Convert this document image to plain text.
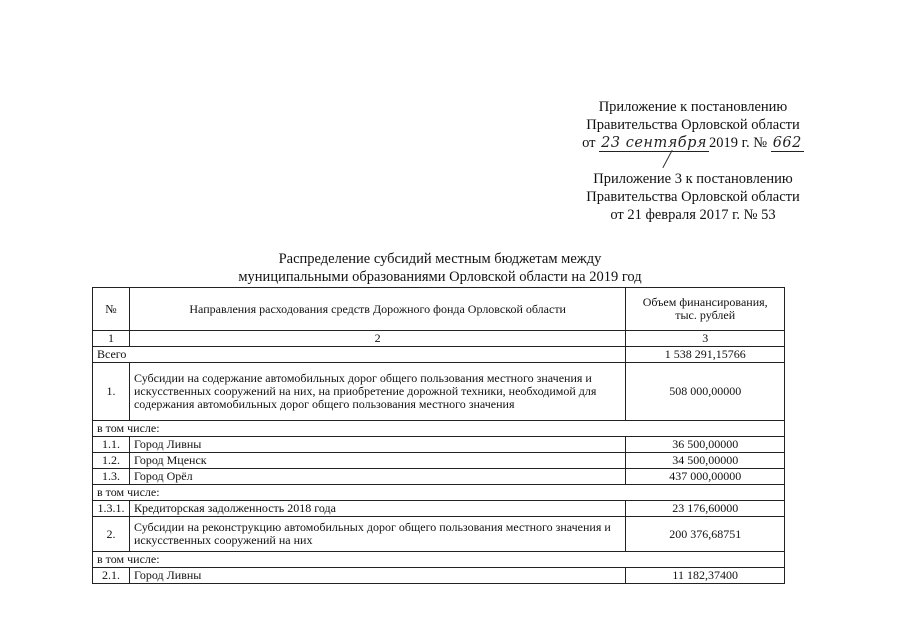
Приложение к постановлению
Правительства Орловской области
от 23 сентября 2019 г. № 662
Приложение 3 к постановлению
Правительства Орловской области
от 21 февраля 2017 г. № 53
Распределение субсидий местным бюджетам между
муниципальными образованиями Орловской области на 2019 год
№	Направления расходования средств Дорожного фонда Орловской области	Объем финансирования,
тыс. рублей

1	2	3
Всего		1 538 291,15766
1.	Субсидии на содержание автомобильных дорог общего пользования местного значения и искусственных сооружений на них, на приобретение дорожной техники, необходимой для содержания автомобильных дорог общего пользования местного значения	508 000,00000
в том числе:		
1.1.	Город Ливны	36 500,00000
1.2.	Город Мценск	34 500,00000
1.3.	Город Орёл	437 000,00000
в том числе:		
1.3.1.	Кредиторская задолженность 2018 года	23 176,60000
2.	Субсидии на реконструкцию автомобильных дорог общего пользования местного значения и искусственных сооружений на них	200 376,68751
в том числе:		
2.1.	Город Ливны	11 182,37400
